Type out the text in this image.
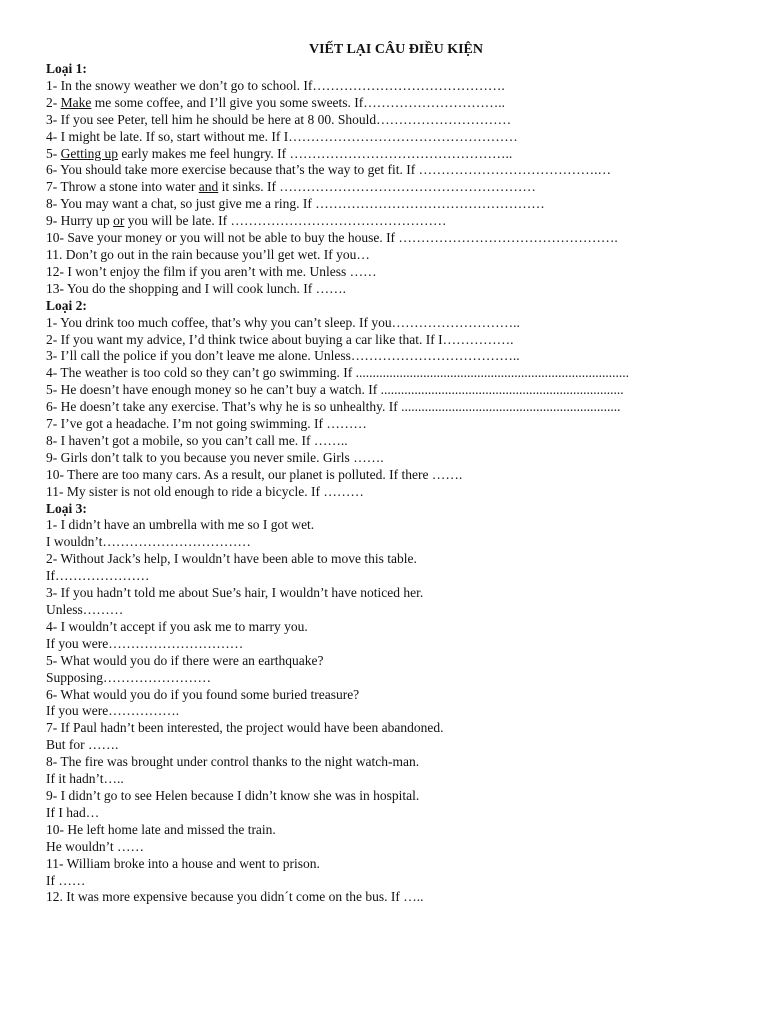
VIẾT LẠI CÂU ĐIỀU KIỆN
Loại 1:
1- In the snowy weather we don’t go to school. If…………………………………….
2- Make me some coffee, and I’ll give you some sweets. If…………………………..
3- If you see Peter, tell him he should be here at 8 00. Should…………………………
4- I might be late. If so, start without me. If I……………………………………………
5- Getting up early makes me feel hungry. If …………………………………………..
6- You should take more exercise because that’s the way to get fit. If ………………………………….…
7- Throw a stone into water and it sinks. If …………………………………………………
8- You may want a chat, so just give me a ring. If ……………………………………………
9- Hurry up or you will be late. If …………………………………………
10- Save your money or you will not be able to buy the house. If ………………………………………….
11. Don’t go out in the rain because you’ll get wet. If you…
12- I won’t enjoy the film if you aren’t with me. Unless ……
13- You do the shopping and I will cook lunch. If …….
Loại 2:
1- You drink too much coffee, that’s why you can’t sleep. If you………………………..
2- If you want my advice, I’d think twice about buying a car like that. If I…………….
3- I’ll call the police if you don’t leave me alone. Unless………………………………..
4- The weather is too cold so they can’t go swimming. If .................................................................................
5- He doesn’t have enough money so he can’t buy a watch. If ........................................................................
6- He doesn’t take any exercise. That’s why he is so unhealthy. If .................................................................
7- I’ve got a headache. I’m not going swimming. If ………
8- I haven’t got a mobile, so you can’t call me. If ……..
9- Girls don’t talk to you because you never smile. Girls …….
10- There are too many cars. As a result, our planet is polluted. If there …….
11- My sister is not old enough to ride a bicycle. If ………
Loại 3:
1- I didn’t have an umbrella with me so I got wet.
I wouldn’t……………………………
2- Without Jack’s help, I wouldn’t have been able to move this table.
If…………………
3- If you hadn’t told me about Sue’s hair, I wouldn’t have noticed her.
Unless………
4- I wouldn’t accept if you ask me to marry you.
If you were…………………………
5- What would you do if there were an earthquake?
Supposing……………………
6- What would you do if you found some buried treasure?
If you were…………….
7- If Paul hadn’t been interested, the project would have been abandoned.
But for …….
8- The fire was brought under control thanks to the night watch-man.
If it hadn’t…..
9- I didn’t go to see Helen because I didn’t know she was in hospital.
If I had…
10- He left home late and missed the train.
He wouldn’t ……
11- William broke into a house and went to prison.
If ……
12. It was more expensive because you didn´t come on the bus. If …..
